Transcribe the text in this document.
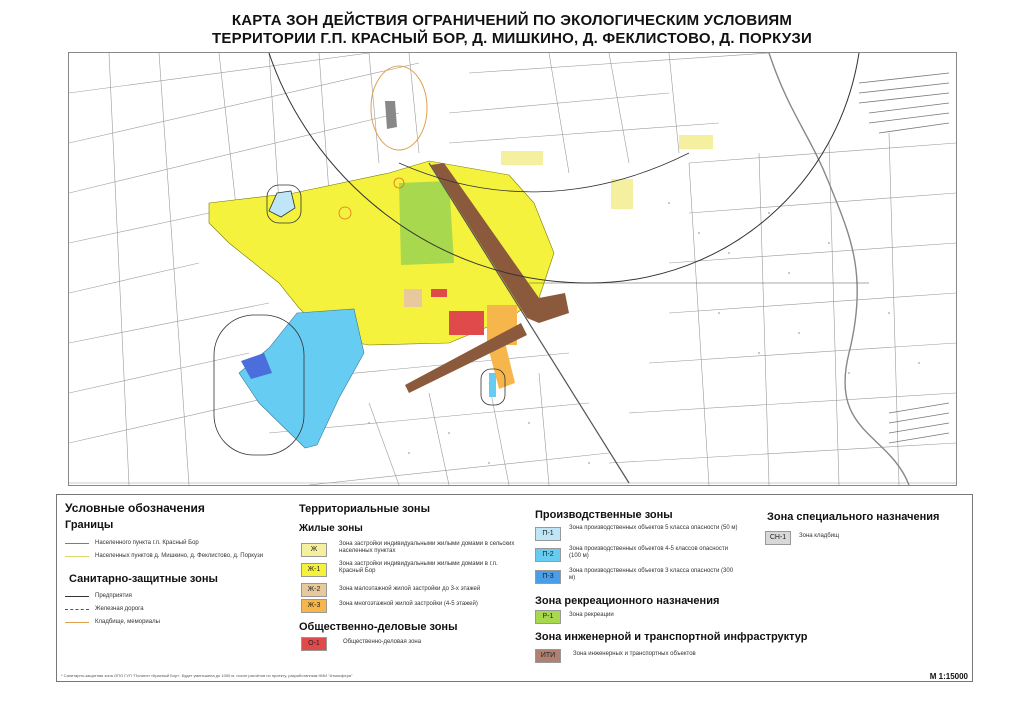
КАРТА ЗОН ДЕЙСТВИЯ ОГРАНИЧЕНИЙ ПО ЭКОЛОГИЧЕСКИМ УСЛОВИЯМ
ТЕРРИТОРИИ Г.П. КРАСНЫЙ БОР, Д. МИШКИНО, Д. ФЕКЛИСТОВО, Д. ПОРКУЗИ
Условные обозначения
Границы
Населенного пункта г.п. Красный Бор
Населенных пунктов д. Мишкино, д. Феклистово, д. Поркузи
Санитарно-защитные зоны
Предприятия
Железная дорога
Кладбище, мемориалы
Территориальные зоны
Жилые зоны
Ж
Зона застройки индивидуальными жилыми домами в сельских населенных пунктах
Ж-1
Зона застройки индивидуальными жилыми домами в г.п. Красный Бор
Ж-2	Зона малоэтажной жилой застройки до 3-х этажей
Ж-3	Зона многоэтажной жилой застройки (4-5 этажей)
Общественно-деловые зоны
О-1	Общественно-деловая зона
Производственные зоны
П-1
Зона производственных объектов 5 класса опасности (50 м)
П-2
Зона производственных объектов 4-5 классов опасности (100 м)
П-3
Зона производственных объектов 3 класса опасности (300 м)
Зона рекреационного назначения
Р-1	Зона рекреации
Зона инженерной и транспортной инфраструктур
ИТИ	Зона инженерных и транспортных объектов
Зона специального назначения
СН-1	Зона кладбищ
* Санитарно-защитная зона ОПО ГУП "Полигон «Красный Бор». Будет уменьшена до 1000 м. после расчётов по проекту, разработанным НИИ "Атмосфера"	М 1:15000
